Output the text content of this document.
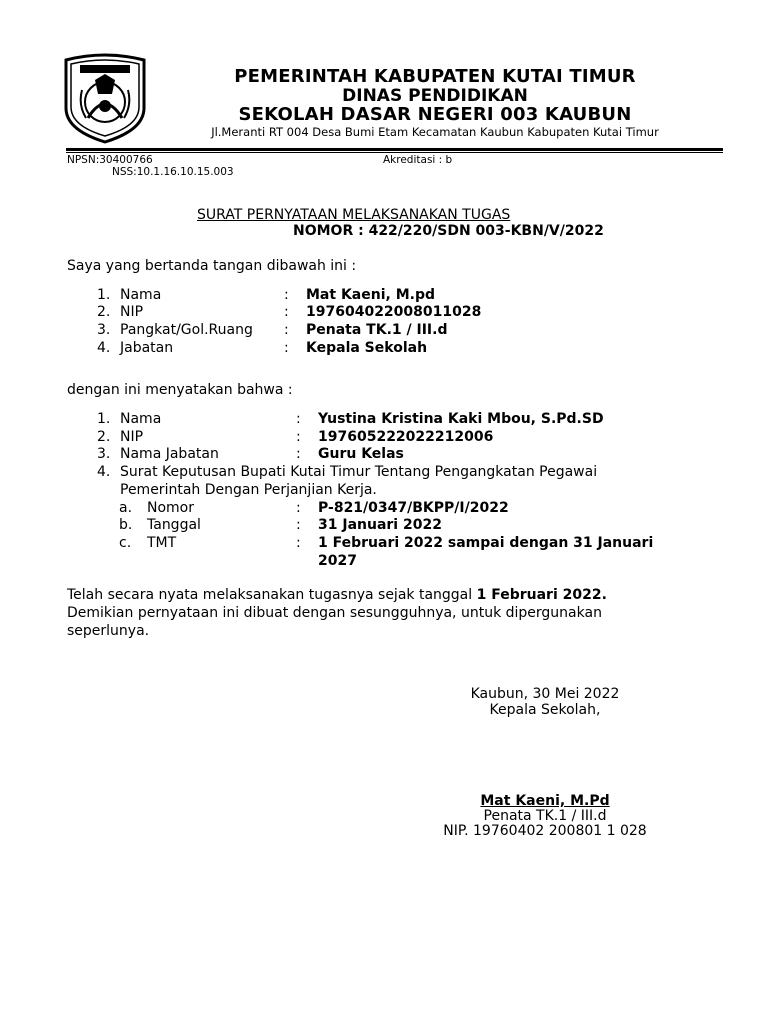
PEMERINTAH KABUPATEN KUTAI TIMUR
DINAS PENDIDIKAN
SEKOLAH DASAR NEGERI 003 KAUBUN
Jl.Meranti RT 004 Desa Bumi Etam Kecamatan Kaubun Kabupaten Kutai Timur
NPSN:30400766
NSS:10.1.16.10.15.003
Akreditasi : b
SURAT PERNYATAAN MELAKSANAKAN TUGAS
NOMOR : 422/220/SDN 003-KBN/V/2022
Saya yang bertanda tangan dibawah ini :
1. Nama	: Mat Kaeni, M.pd
2. NIP	: 197604022008011028
3. Pangkat/Gol.Ruang : Penata TK.1 / III.d
4. Jabatan	: Kepala Sekolah
dengan ini menyatakan bahwa :
1. Nama	: Yustina Kristina Kaki Mbou, S.Pd.SD
2. NIP	: 197605222022212006
3. Nama Jabatan	: Guru Kelas
4. Surat Keputusan Bupati Kutai Timur Tentang Pengangkatan Pegawai
Pemerintah Dengan Perjanjian Kerja.
a. Nomor	: P-821/0347/BKPP/I/2022
b. Tanggal	: 31 Januari 2022
c. TMT	: 1 Februari 2022 sampai dengan 31 Januari
2027
Telah secara nyata melaksanakan tugasnya sejak tanggal 1 Februari 2022.
Demikian pernyataan ini dibuat dengan sesungguhnya, untuk dipergunakan
seperlunya.
Kaubun, 30 Mei 2022
Kepala Sekolah,
Mat Kaeni, M.Pd
Penata TK.1 / III.d
NIP. 19760402 200801 1 028
